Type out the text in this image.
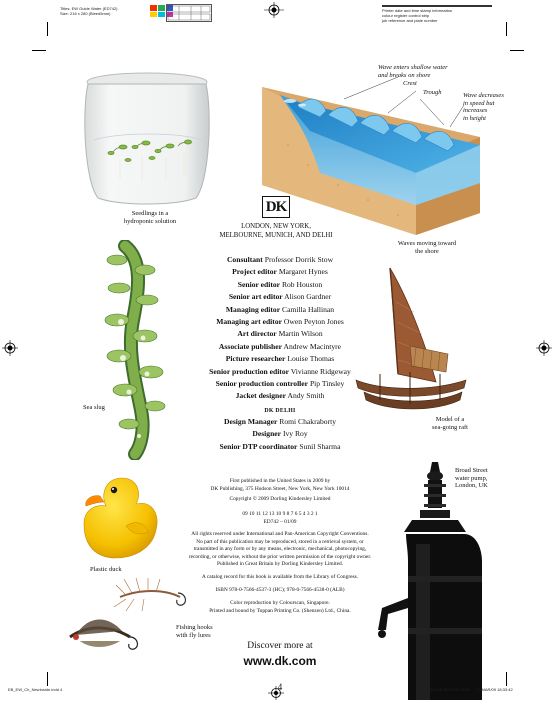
Titles: EW Guide Water (ED742)
Size: 216 x 280 (Bleed5mm)
Printer date and time stamp information
colour register control strip
job reference and plate number
Seedlings in a
hydroponic solution
Wave enters shallow water
and breaks on shore
Crest
Trough	Wave decreases
in speed but
increases
in height
Waves moving toward
the shore
DK
LONDON, NEW YORK,
MELBOURNE, MUNICH, AND DELHI
Sea slug
Consultant Professor Dorrik Stow
Project editor Margaret Hynes
Senior editor Rob Houston
Senior art editor Alison Gardner
Managing editor Camilla Hallinan
Managing art editor Owen Peyton Jones
Art director Martin Wilson
Associate publisher Andrew Macintyre
Picture researcher Louise Thomas
Senior production editor Vivianne Ridgeway
Senior production controller Pip Tinsley
Jacket designer Andy Smith
DK DELHI
Design Manager Romi Chakraborty
Designer Ivy Roy
Senior DTP coordinator Sunil Sharma
Model of a
sea-going raft
First published in the United States in 2009 by
DK Publishing, 375 Hudson Street, New York, New York 10014
Copyright © 2009 Dorling Kindersley Limited
09 10 11 12 13 10 9 8 7 6 5 4 3 2 1
ED742 – 01/09
All rights reserved under International and Pan-American Copyright Conventions.
No part of this publication may be reproduced, stored in a retrieval system, or
transmitted in any form or by any means, electronic, mechanical, photocopying,
recording, or otherwise, without the prior written permission of the copyright owner.
Published in Great Britain by Dorling Kindersley Limited.
A catalog record for this book is available from the Library of Congress.
ISBN 978-0-7566-4537-3 (HC); 978-0-7566-4538-0 (ALB)
Color reproduction by Colourscan, Singapore.
Printed and bound by Toppan Printing Co. (Shenzen) Ltd., China.
Discover more at
www.dk.com
4
Plastic duck
Fishing hooks
with fly lures
Broad Street
water pump,
London, UK
EB_EW_Ch_NewInside.indd 4	PUR BLACK EDITION JOB 12/MAR/09 18:33:42
